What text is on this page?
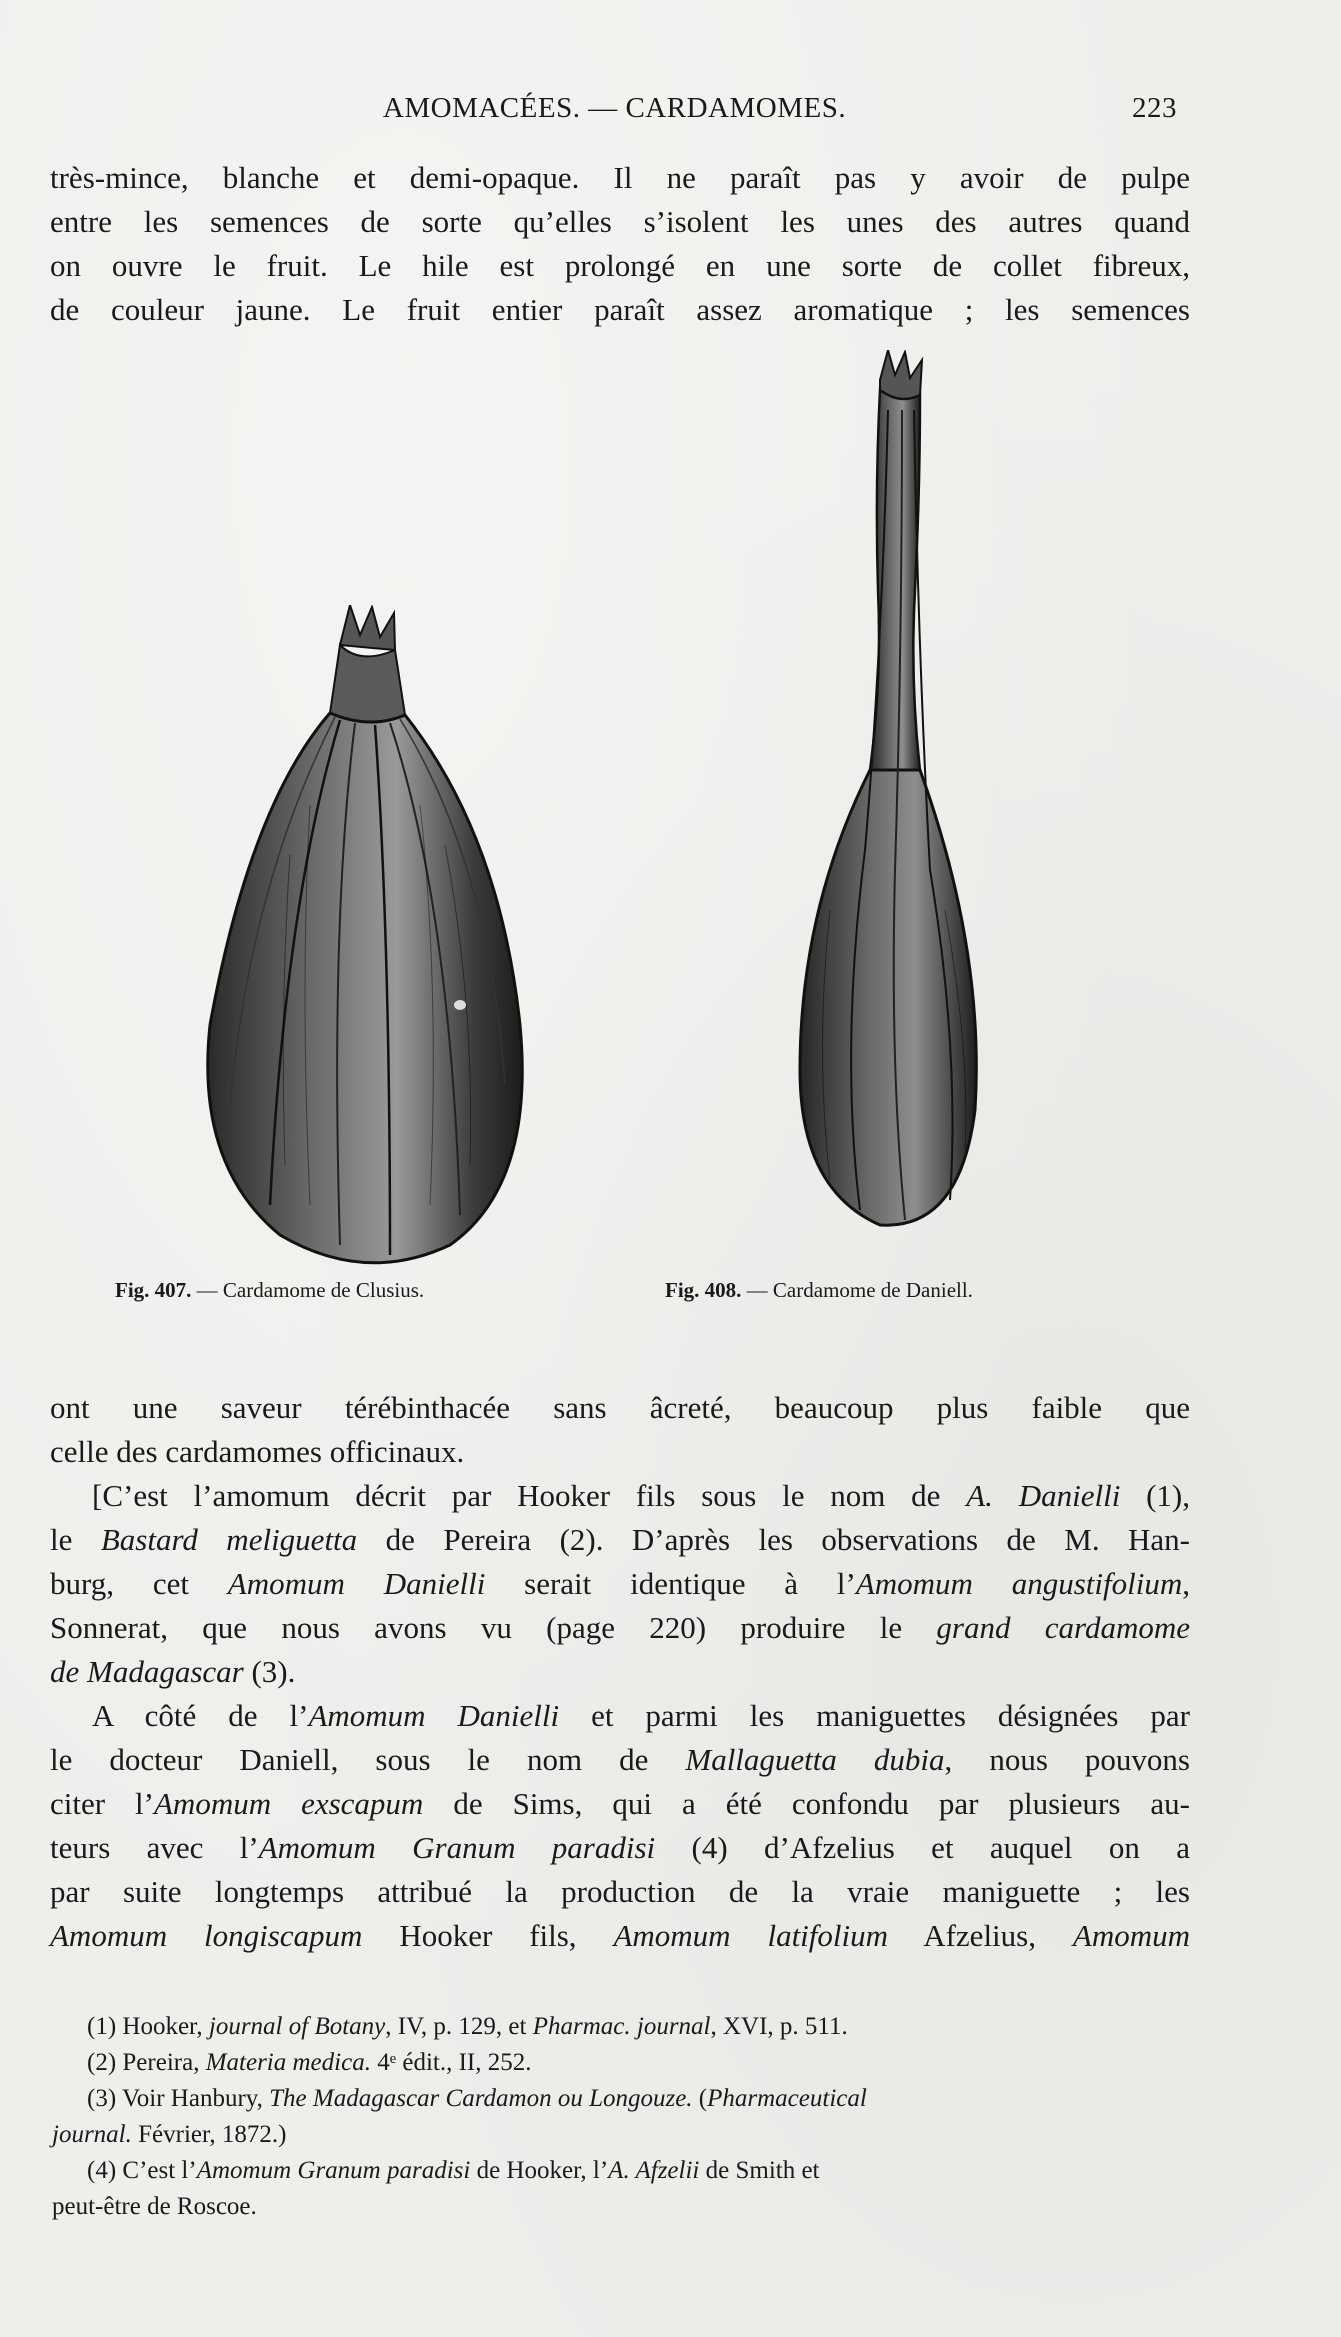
AMOMACÉES. — CARDAMOMES.	223
très-mince, blanche et demi-opaque. Il ne paraît pas y avoir de pulpe
entre les semences de sorte qu’elles s’isolent les unes des autres quand
on ouvre le fruit. Le hile est prolongé en une sorte de collet fibreux,
de couleur jaune. Le fruit entier paraît assez aromatique ; les semences
Fig. 407. — Cardamome de Clusius.	Fig. 408. — Cardamome de Daniell.
ont une saveur térébinthacée sans âcreté, beaucoup plus faible que
celle des cardamomes officinaux.
[C’est l’amomum décrit par Hooker fils sous le nom de A. Danielli (1),
le Bastard meliguetta de Pereira (2). D’après les observations de M. Han-
burg, cet Amomum Danielli serait identique à l’Amomum angustifolium,
Sonnerat, que nous avons vu (page 220) produire le grand cardamome
de Madagascar (3).
A côté de l’Amomum Danielli et parmi les maniguettes désignées par
le docteur Daniell, sous le nom de Mallaguetta dubia, nous pouvons
citer l’Amomum exscapum de Sims, qui a été confondu par plusieurs au-
teurs avec l’Amomum Granum paradisi (4) d’Afzelius et auquel on a
par suite longtemps attribué la production de la vraie maniguette ; les
Amomum longiscapum Hooker fils, Amomum latifolium Afzelius, Amomum

(1) Hooker, journal of Botany, IV, p. 129, et Pharmac. journal, XVI, p. 511.

(2) Pereira, Materia medica. 4ᵉ édit., II, 252.

(3) Voir Hanbury, The Madagascar Cardamon ou Longouze. (Pharmaceutical
journal. Février, 1872.)

(4) C’est l’Amomum Granum paradisi de Hooker, l’A. Afzelii de Smith et
peut-être de Roscoe.
